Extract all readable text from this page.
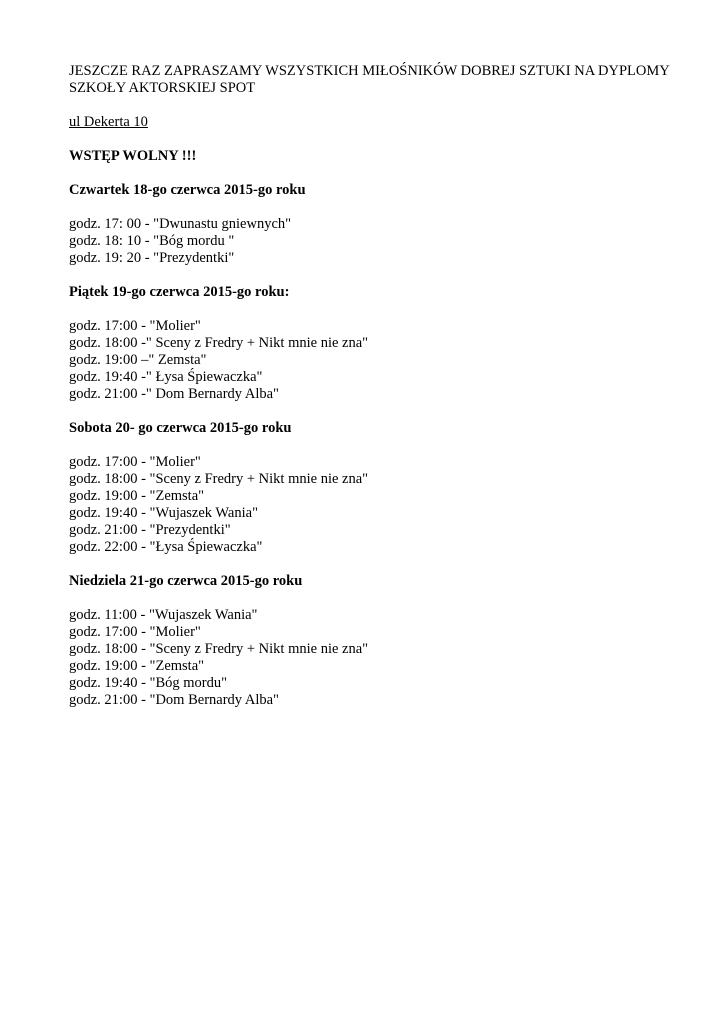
JESZCZE RAZ ZAPRASZAMY WSZYSTKICH MIŁOŚNIKÓW DOBREJ SZTUKI NA DYPLOMY SZKOŁY AKTORSKIEJ SPOT

ul Dekerta 10

WSTĘP WOLNY !!!

Czwartek 18-go czerwca 2015-go roku

godz. 17: 00 - "Dwunastu gniewnych"
godz. 18: 10 - "Bóg mordu "
godz. 19: 20 - "Prezydentki"

Piątek 19-go czerwca 2015-go roku:

godz. 17:00 - "Molier"
godz. 18:00 -" Sceny z Fredry + Nikt mnie nie zna"
godz. 19:00 –" Zemsta"
godz. 19:40 -" Łysa Śpiewaczka"
godz. 21:00 -" Dom Bernardy Alba"

Sobota 20- go czerwca 2015-go roku

godz. 17:00 - "Molier"
godz. 18:00 - "Sceny z Fredry + Nikt mnie nie zna"
godz. 19:00 - "Zemsta"
godz. 19:40 - "Wujaszek Wania"
godz. 21:00 - "Prezydentki"
godz. 22:00 - "Łysa Śpiewaczka"

Niedziela 21-go czerwca 2015-go roku

godz. 11:00 - "Wujaszek Wania"
godz. 17:00 - "Molier"
godz. 18:00 - "Sceny z Fredry + Nikt mnie nie zna"
godz. 19:00 - "Zemsta"
godz. 19:40 - "Bóg mordu"
godz. 21:00 - "Dom Bernardy Alba"
